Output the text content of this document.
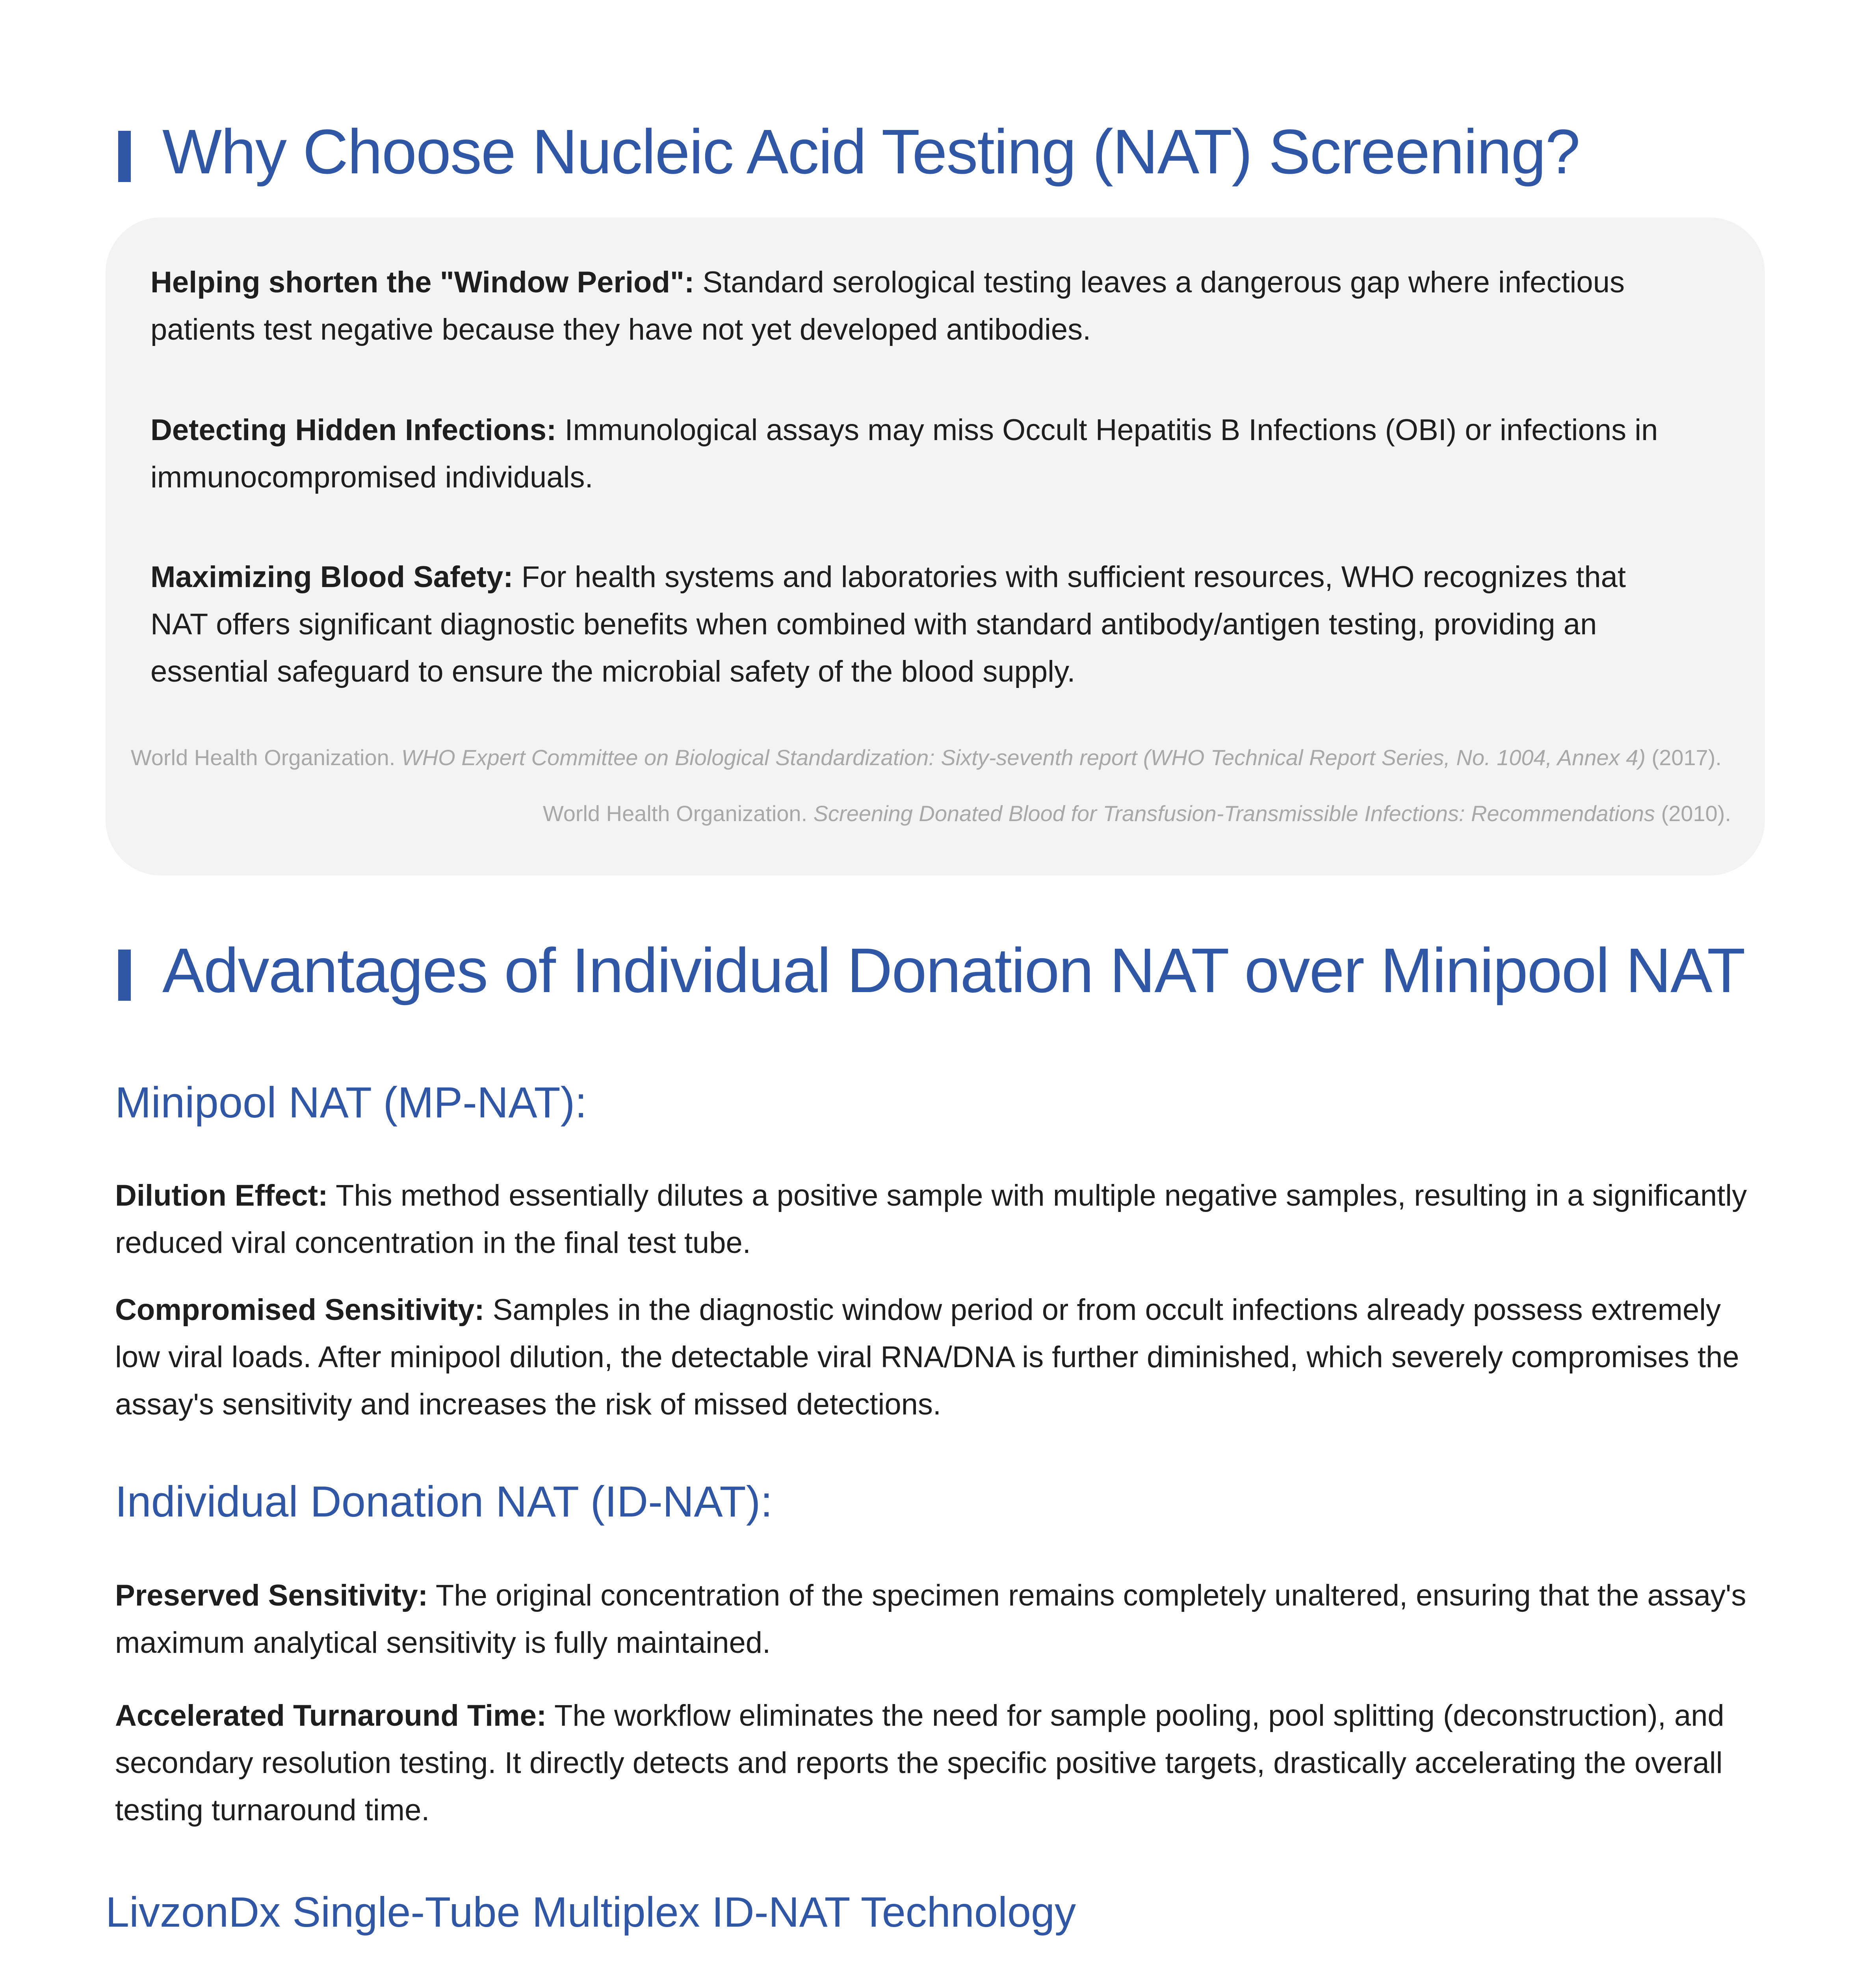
Why Choose Nucleic Acid Testing (NAT) Screening?
Helping shorten the "Window Period": Standard serological testing leaves a dangerous gap where infectious patients test negative because they have not yet developed antibodies.
Detecting Hidden Infections: Immunological assays may miss Occult Hepatitis B Infections (OBI) or infections in immunocompromised individuals.
Maximizing Blood Safety: For health systems and laboratories with sufficient resources, WHO recognizes that NAT offers significant diagnostic benefits when combined with standard antibody/antigen testing, providing an essential safeguard to ensure the microbial safety of the blood supply.
World Health Organization. WHO Expert Committee on Biological Standardization: Sixty-seventh report (WHO Technical Report Series, No. 1004, Annex 4) (2017).
World Health Organization. Screening Donated Blood for Transfusion-Transmissible Infections: Recommendations (2010).
Advantages of Individual Donation NAT over Minipool NAT
Minipool NAT (MP-NAT):
Dilution Effect: This method essentially dilutes a positive sample with multiple negative samples, resulting in a significantly reduced viral concentration in the final test tube.
Compromised Sensitivity: Samples in the diagnostic window period or from occult infections already possess extremely low viral loads. After minipool dilution, the detectable viral RNA/DNA is further diminished, which severely compromises the assay's sensitivity and increases the risk of missed detections.
Individual Donation NAT (ID-NAT):
Preserved Sensitivity: The original concentration of the specimen remains completely unaltered, ensuring that the assay's maximum analytical sensitivity is fully maintained.
Accelerated Turnaround Time: The workflow eliminates the need for sample pooling, pool splitting (deconstruction), and secondary resolution testing. It directly detects and reports the specific positive targets, drastically accelerating the overall testing turnaround time.
LivzonDx Single-Tube Multiplex ID-NAT Technology
